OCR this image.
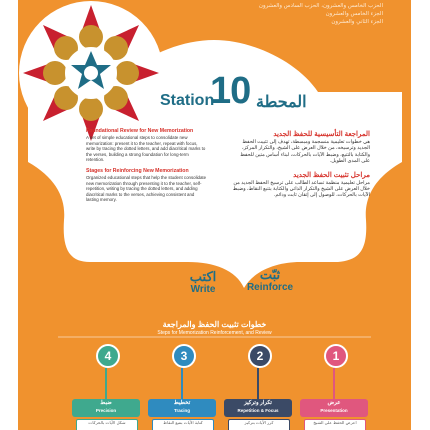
الحزب الخامس والعشرون، الحزب السادس والعشرون
الجزء الخامس والعشرون
الجزء الثاني والعشرون
Station
10 المحطة
Foundational Review for New Memorization
A set of simple educational steps to consolidate new memorization: present it to the teacher, repeat with focus, write by tracing the dotted letters, and add diacritical marks to the verses, building a strong foundation for long-term retention.
Stages for Reinforcing New Memorization
Organized educational steps that help the student consolidate new memorization through presenting it to the teacher, self-repetition, writing by tracing the dotted letters, and adding diacritical marks to the verses, achieving consistent and lasting memory.
المراجعة التأسيسية للحفظ الجديد
هي خطوات تعليمية منسجمة ومبسطة، تهدف إلى تثبيت الحفظ الجديد وترسيخه، من خلال العرض على الشيخ، والتكرار المركز، والكتابة بالتتبع، وضبط الآيات بالحركات، لبناء أساس متين للحفظ على المدى الطويل.
مراحل تثبيت الحفظ الجديد
مراحل تعليمية منظمة تساعد الطالب على ترسيخ الحفظ الجديد من خلال العرض على الشيخ والتكرار الذاتي والكتابة بتتبع النقاط، وضبط الآيات بالحركات، للوصول إلى إتقان ثابت ودائم.
اكتب
Write
ثبّت
Reinforce
خطوات تثبيت الحفظ والمراجعة
Steps for Memorization Reinforcement, and Review
4
ضبط
Precision
شكل الآيات بالحركات
3
تخطيط
Tracing
كتابة الآيات بتتبع النقاط
2
تكرار وتركيز
Repetition & Focus
كرر الآيات بتركيز
1
عرض
Presentation
اعرض الحفظ على الشيخ
